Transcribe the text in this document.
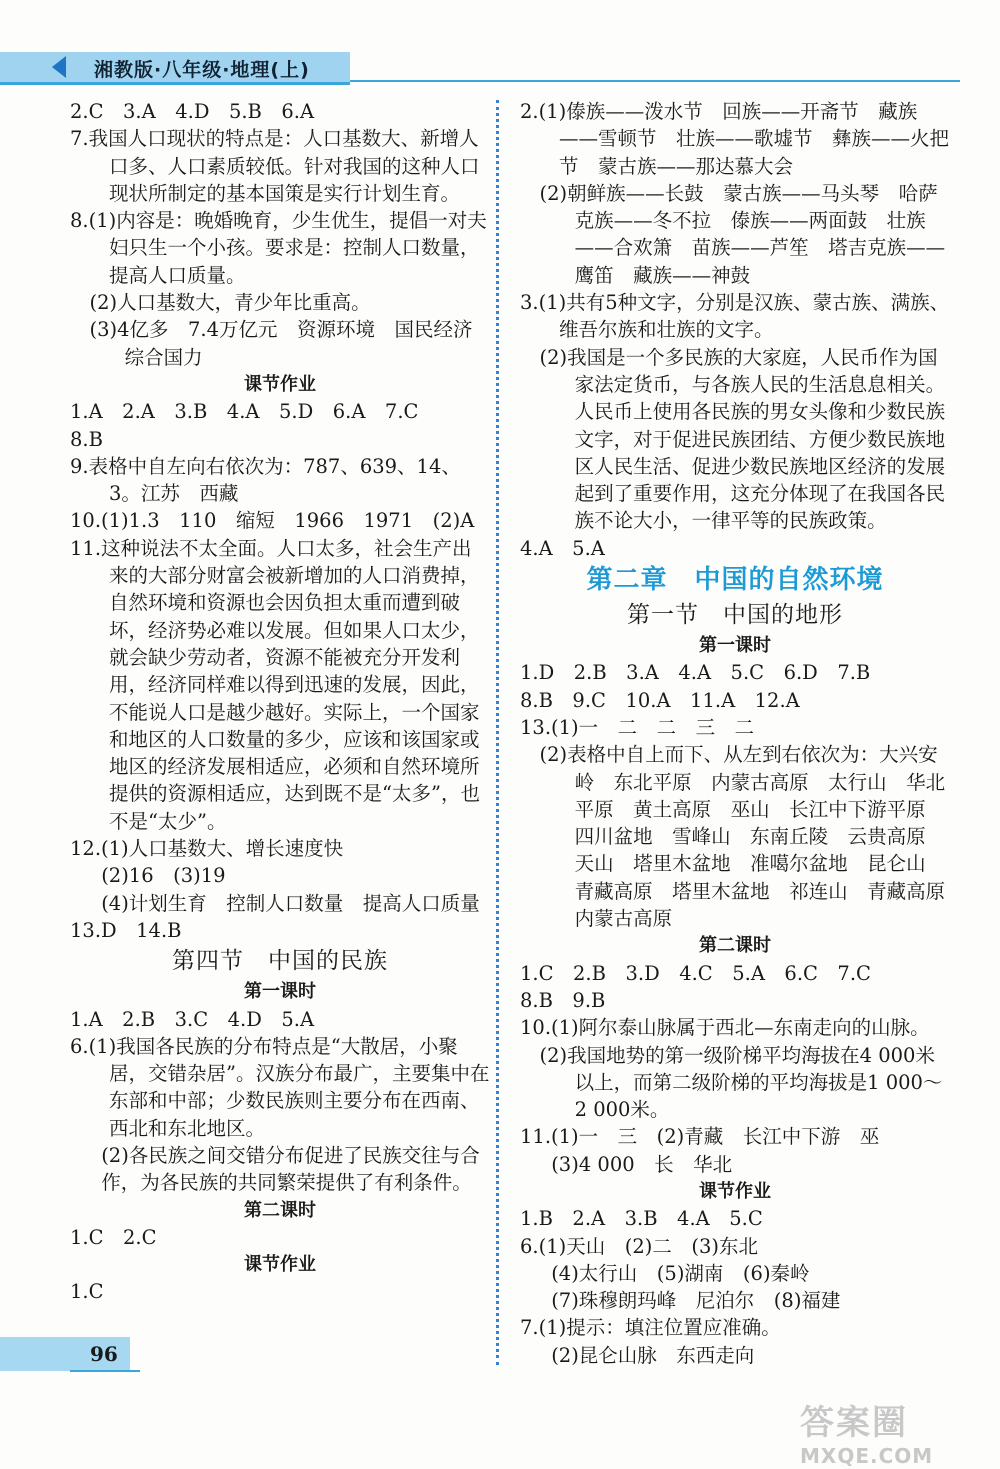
湘教版·八年级·地理(上)

2.C　3.A　4.D　5.B　6.A

7.我国人口现状的特点是：人口基数大、新增人口多、人口素质较低。针对我国的这种人口现状所制定的基本国策是实行计划生育。

8.(1)内容是：晚婚晚育，少生优生，提倡一对夫妇只生一个小孩。要求是：控制人口数量，提高人口质量。

(2)人口基数大，青少年比重高。

(3)4亿多　7.4万亿元　资源环境　国民经济　综合国力

课节作业

1.A　2.A　3.B　4.A　5.D　6.A　7.C

8.B

9.表格中自左向右依次为：787、639、14、3。江苏　西藏

10.(1)1.3　110　缩短　1966　1971　(2)A

11.这种说法不太全面。人口太多，社会生产出来的大部分财富会被新增加的人口消费掉，自然环境和资源也会因负担太重而遭到破坏，经济势必难以发展。但如果人口太少，就会缺少劳动者，资源不能被充分开发利用，经济同样难以得到迅速的发展，因此，不能说人口是越少越好。实际上，一个国家和地区的人口数量的多少，应该和该国家或地区的经济发展相适应，必须和自然环境所提供的资源相适应，达到既不是“太多”，也不是“太少”。

12.(1)人口基数大、增长速度快

(2)16　(3)19

(4)计划生育　控制人口数量　提高人口质量

13.D　14.B

第四节　中国的民族

第一课时

1.A　2.B　3.C　4.D　5.A

6.(1)我国各民族的分布特点是“大散居，小聚居，交错杂居”。汉族分布最广，主要集中在东部和中部；少数民族则主要分布在西南、西北和东北地区。

(2)各民族之间交错分布促进了民族交往与合作，为各民族的共同繁荣提供了有利条件。

第二课时

1.C　2.C

课节作业

1.C

2.(1)傣族——泼水节　回族——开斋节　藏族——雪顿节　壮族——歌墟节　彝族——火把节　蒙古族——那达慕大会

(2)朝鲜族——长鼓　蒙古族——马头琴　哈萨克族——冬不拉　傣族——两面鼓　壮族——合欢箫　苗族——芦笙　塔吉克族——鹰笛　藏族——神鼓

3.(1)共有5种文字，分别是汉族、蒙古族、满族、维吾尔族和壮族的文字。

(2)我国是一个多民族的大家庭，人民币作为国家法定货币，与各族人民的生活息息相关。人民币上使用各民族的男女头像和少数民族文字，对于促进民族团结、方便少数民族地区人民生活、促进少数民族地区经济的发展起到了重要作用，这充分体现了在我国各民族不论大小，一律平等的民族政策。

4.A　5.A

第二章　中国的自然环境

第一节　中国的地形

第一课时

1.D　2.B　3.A　4.A　5.C　6.D　7.B

8.B　9.C　10.A　11.A　12.A

13.(1)一　二　二　三　二

(2)表格中自上而下、从左到右依次为：大兴安岭　东北平原　内蒙古高原　太行山　华北平原　黄土高原　巫山　长江中下游平原　四川盆地　雪峰山　东南丘陵　云贵高原　天山　塔里木盆地　准噶尔盆地　昆仑山　青藏高原　塔里木盆地　祁连山　青藏高原　内蒙古高原

第二课时

1.C　2.B　3.D　4.C　5.A　6.C　7.C

8.B　9.B

10.(1)阿尔泰山脉属于西北—东南走向的山脉。

(2)我国地势的第一级阶梯平均海拔在4 000米以上，而第二级阶梯的平均海拔是1 000～2 000米。

11.(1)一　三　(2)青藏　长江中下游　巫

(3)4 000　长　华北

课节作业

1.B　2.A　3.B　4.A　5.C

6.(1)天山　(2)二　(3)东北

(4)太行山　(5)湖南　(6)秦岭

(7)珠穆朗玛峰　尼泊尔　(8)福建

7.(1)提示：填注位置应准确。

(2)昆仑山脉　东西走向

96
答案圈
MXQE.COM
